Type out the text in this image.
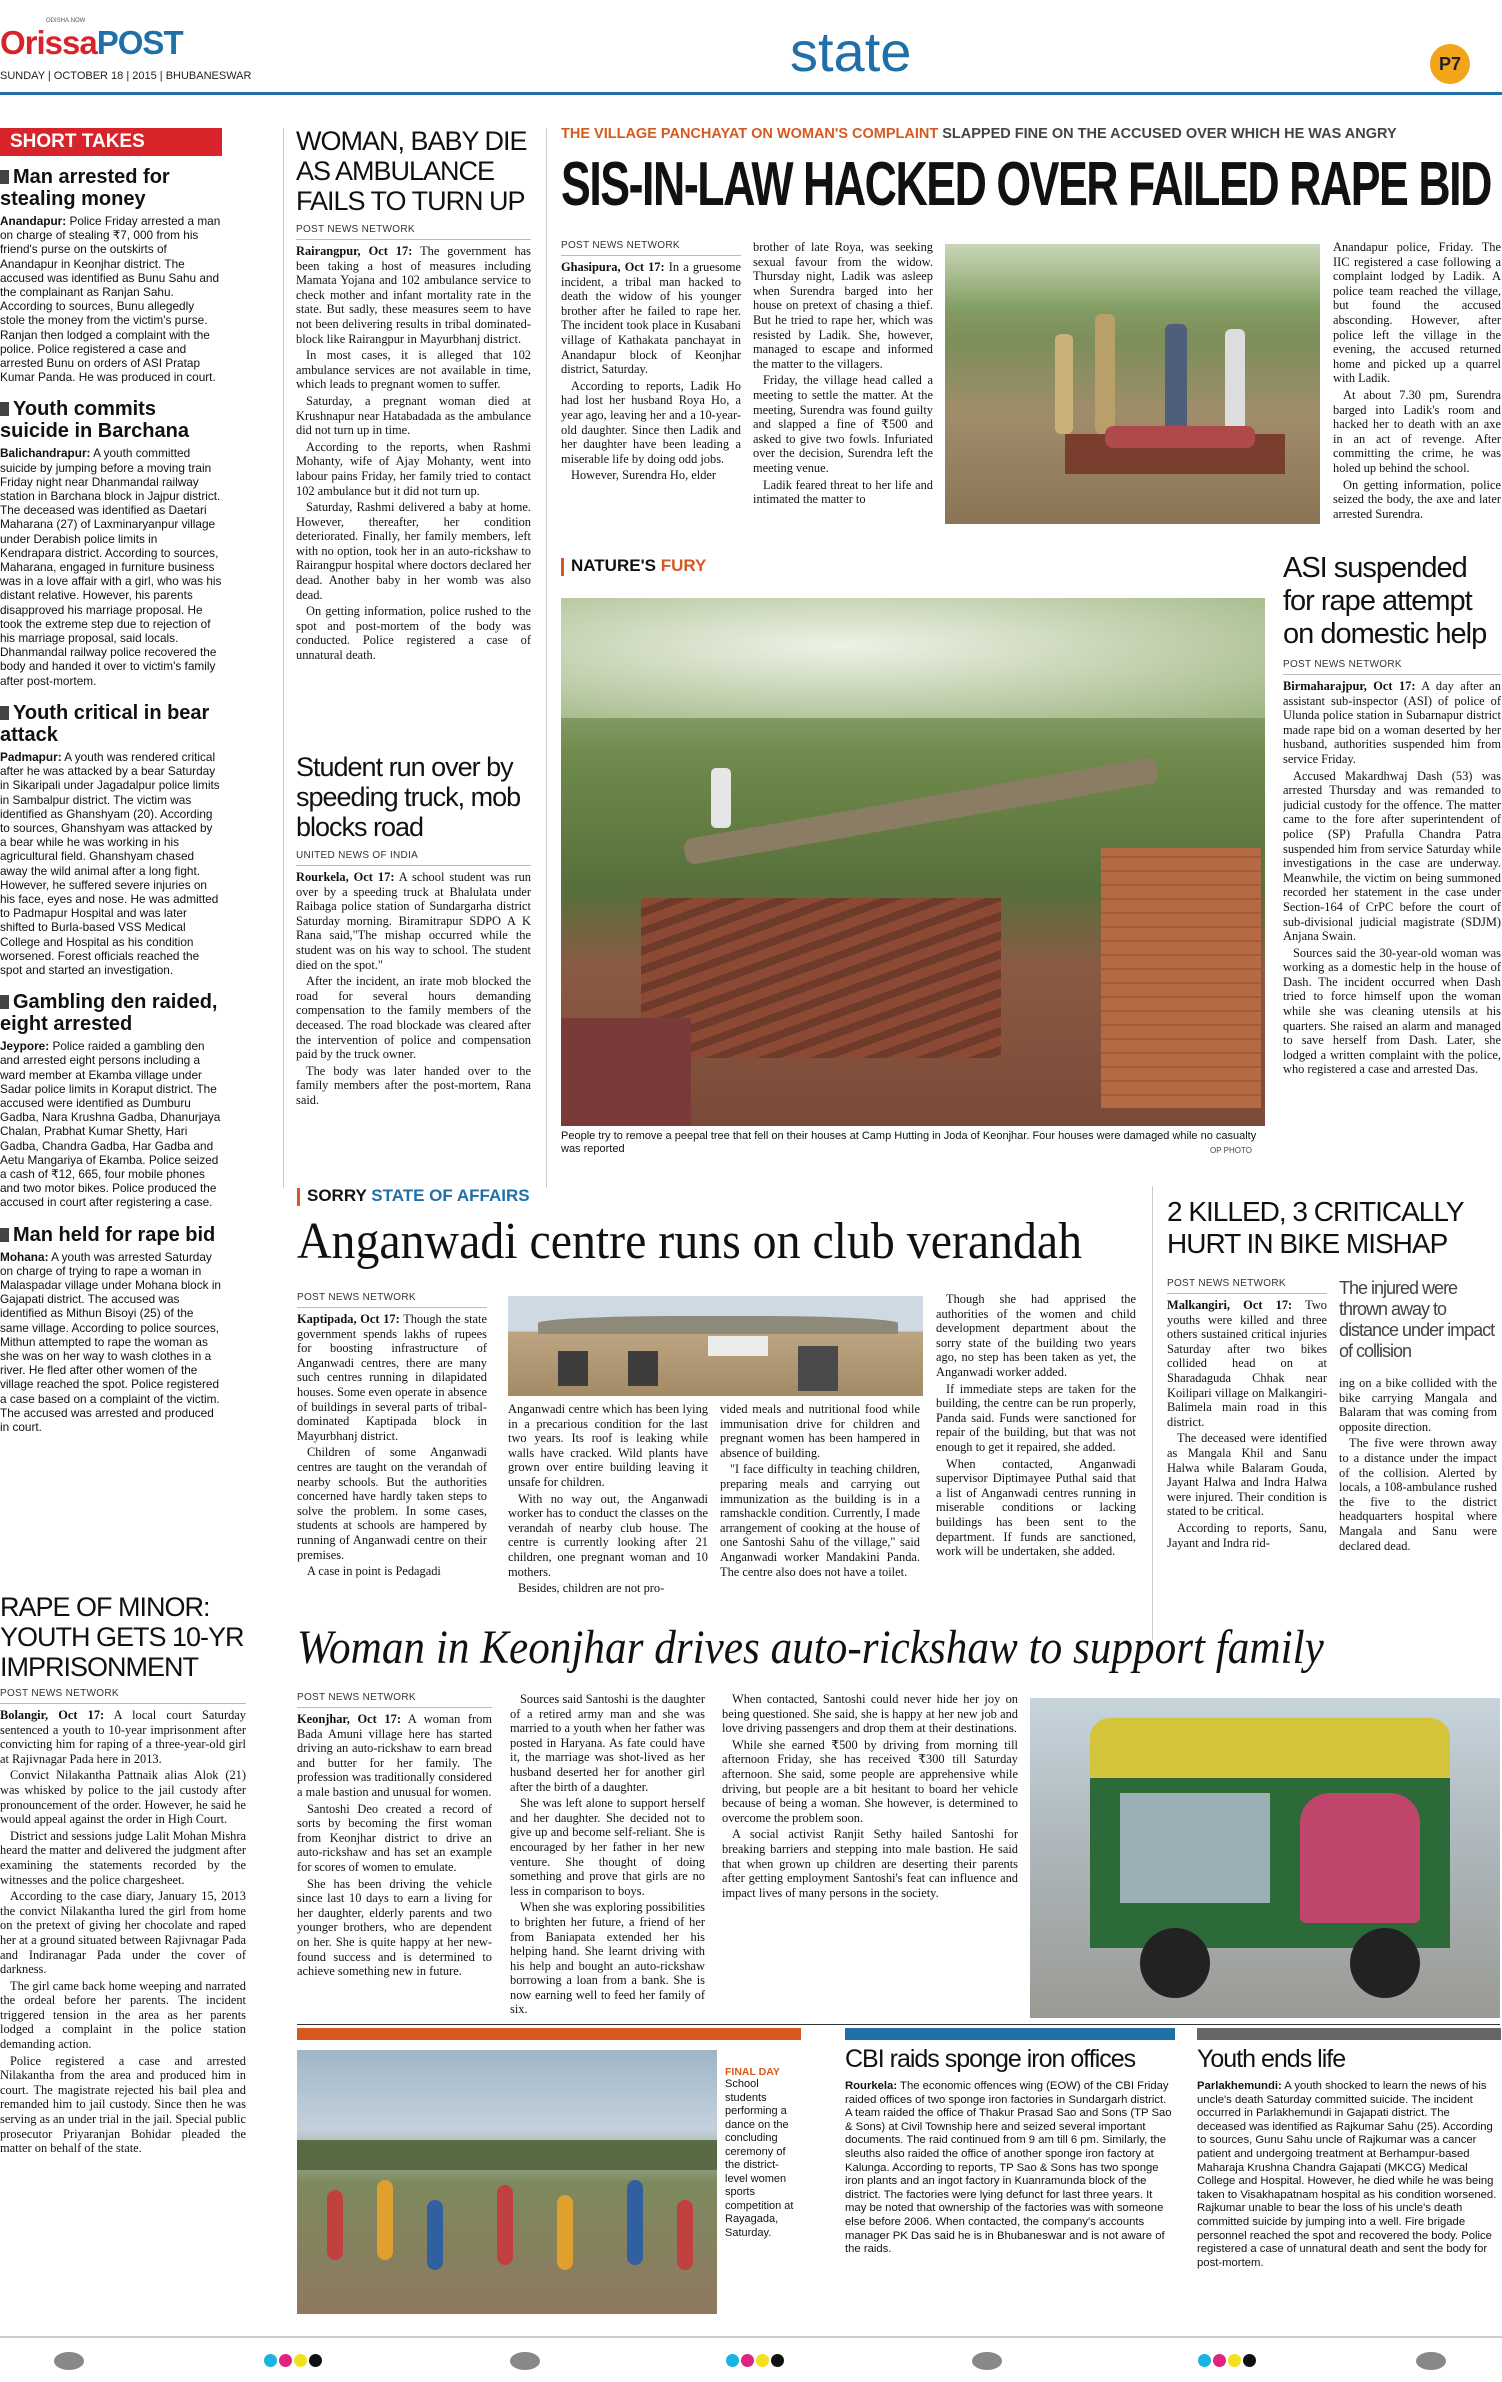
ODISHA.NOW
OrissaPOST
SUNDAY | OCTOBER 18 | 2015 | BHUBANESWAR	state	P7
SHORT TAKES
Man arrested for stealing money
Anandapur: Police Friday arrested a man on charge of stealing ₹7, 000 from his friend's purse on the outskirts of Anandapur in Keonjhar district. The accused was identified as Bunu Sahu and the complainant as Ranjan Sahu. According to sources, Bunu allegedly stole the money from the victim's purse. Ranjan then lodged a complaint with the police. Police registered a case and arrested Bunu on orders of ASI Pratap Kumar Panda. He was produced in court.
Youth commits suicide in Barchana
Balichandrapur: A youth committed suicide by jumping before a moving train Friday night near Dhanmandal railway station in Barchana block in Jajpur district. The deceased was identified as Daetari Maharana (27) of Laxminaryanpur village under Derabish police limits in Kendrapara district. According to sources, Maharana, engaged in furniture business was in a love affair with a girl, who was his distant relative. However, his parents disapproved his marriage proposal. He took the extreme step due to rejection of his marriage proposal, said locals. Dhanmandal railway police recovered the body and handed it over to victim's family after post-mortem.
Youth critical in bear attack
Padmapur: A youth was rendered critical after he was attacked by a bear Saturday in Sikaripali under Jagadalpur police limits in Sambalpur district. The victim was identified as Ghanshyam (20). According to sources, Ghanshyam was attacked by a bear while he was working in his agricultural field. Ghanshyam chased away the wild animal after a long fight. However, he suffered severe injuries on his face, eyes and nose. He was admitted to Padmapur Hospital and was later shifted to Burla-based VSS Medical College and Hospital as his condition worsened. Forest officials reached the spot and started an investigation.
Gambling den raided, eight arrested
Jeypore: Police raided a gambling den and arrested eight persons including a ward member at Ekamba village under Sadar police limits in Koraput district. The accused were identified as Dumburu Gadba, Nara Krushna Gadba, Dhanurjaya Chalan, Prabhat Kumar Shetty, Hari Gadba, Chandra Gadba, Har Gadba and Aetu Mangariya of Ekamba. Police seized a cash of ₹12, 665, four mobile phones and two motor bikes. Police produced the accused in court after registering a case.
Man held for rape bid
Mohana: A youth was arrested Saturday on charge of trying to rape a woman in Malaspadar village under Mohana block in Gajapati district. The accused was identified as Mithun Bisoyi (25) of the same village. According to police sources, Mithun attempted to rape the woman as she was on her way to wash clothes in a river. He fled after other women of the village reached the spot. Police registered a case based on a complaint of the victim. The accused was arrested and produced in court.
RAPE OF MINOR: YOUTH GETS 10-YR IMPRISONMENT
POST NEWS NETWORK

Bolangir, Oct 17: A local court Saturday sentenced a youth to 10-year imprisonment after convicting him for raping of a three-year-old girl at Rajivnagar Pada here in 2013.

Convict Nilakantha Pattnaik alias Alok (21) was whisked by police to the jail custody after pronouncement of the order. However, he said he would appeal against the order in High Court.

District and sessions judge Lalit Mohan Mishra heard the matter and delivered the judgment after examining the statements recorded by the witnesses and the police chargesheet.

According to the case diary, January 15, 2013 the convict Nilakantha lured the girl from home on the pretext of giving her chocolate and raped her at a ground situated between Rajivnagar Pada and Indiranagar Pada under the cover of darkness.

The girl came back home weeping and narrated the ordeal before her parents. The incident triggered tension in the area as her parents lodged a complaint in the police station demanding action.

Police registered a case and arrested Nilakantha from the area and produced him in court. The magistrate rejected his bail plea and remanded him to jail custody. Since then he was serving as an under trial in the jail. Special public prosecutor Priyaranjan Bohidar pleaded the matter on behalf of the state.

WOMAN, BABY DIE AS AMBULANCE FAILS TO TURN UP
POST NEWS NETWORK

Rairangpur, Oct 17: The government has been taking a host of measures including Mamata Yojana and 102 ambulance service to check mother and infant mortality rate in the state. But sadly, these measures seem to have not been delivering results in tribal dominated-block like Rairangpur in Mayurbhanj district.

In most cases, it is alleged that 102 ambulance services are not available in time, which leads to pregnant women to suffer.

Saturday, a pregnant woman died at Krushnapur near Hatabadada as the ambulance did not turn up in time.

According to the reports, when Rashmi Mohanty, wife of Ajay Mohanty, went into labour pains Friday, her family tried to contact 102 ambulance but it did not turn up.

Saturday, Rashmi delivered a baby at home. However, thereafter, her condition deteriorated. Finally, her family members, left with no option, took her in an auto-rickshaw to Rairangpur hospital where doctors declared her dead. Another baby in her womb was also dead.

On getting information, police rushed to the spot and post-mortem of the body was conducted. Police registered a case of unnatural death.

Student run over by speeding truck, mob blocks road
UNITED NEWS OF INDIA

Rourkela, Oct 17: A school student was run over by a speeding truck at Bhalulata under Raibaga police station of Sundargarha district Saturday morning. Biramitrapur SDPO A K Rana said,"The mishap occurred while the student was on his way to school. The student died on the spot."

After the incident, an irate mob blocked the road for several hours demanding compensation to the family members of the deceased. The road blockade was cleared after the intervention of police and compensation paid by the truck owner.

The body was later handed over to the family members after the post-mortem, Rana said.

THE VILLAGE PANCHAYAT ON WOMAN'S COMPLAINT SLAPPED FINE ON THE ACCUSED OVER WHICH HE WAS ANGRY
SIS-IN-LAW HACKED OVER FAILED RAPE BID
POST NEWS NETWORK

Ghasipura, Oct 17: In a gruesome incident, a tribal man hacked to death the widow of his younger brother after he failed to rape her. The incident took place in Kusabani village of Kathakata panchayat in Anandapur block of Keonjhar district, Saturday.

According to reports, Ladik Ho had lost her husband Roya Ho, a year ago, leaving her and a 10-year-old daughter. Since then Ladik and her daughter have been leading a miserable life by doing odd jobs.

However, Surendra Ho, elder

brother of late Roya, was seeking sexual favour from the widow. Thursday night, Ladik was asleep when Surendra barged into her house on pretext of chasing a thief. But he tried to rape her, which was resisted by Ladik. She, however, managed to escape and informed the matter to the villagers.

Friday, the village head called a meeting to settle the matter. At the meeting, Surendra was found guilty and slapped a fine of ₹500 and asked to give two fowls. Infuriated over the decision, Surendra left the meeting venue.

Ladik feared threat to her life and intimated the matter to

Anandapur police, Friday. The IIC registered a case following a complaint lodged by Ladik. A police team reached the village, but found the accused absconding. However, after police left the village in the evening, the accused returned home and picked up a quarrel with Ladik.

At about 7.30 pm, Surendra barged into Ladik's room and hacked her to death with an axe in an act of revenge. After committing the crime, he was holed up behind the school.

On getting information, police seized the body, the axe and later arrested Surendra.

NATURE'S FURY
People try to remove a peepal tree that fell on their houses at Camp Hutting in Joda of Keonjhar. Four houses were damaged while no casualty was reported	OP PHOTO
ASI suspended for rape attempt on domestic help
POST NEWS NETWORK

Birmaharajpur, Oct 17: A day after an assistant sub-inspector (ASI) of police of Ulunda police station in Subarnapur district made rape bid on a woman deserted by her husband, authorities suspended him from service Friday.

Accused Makardhwaj Dash (53) was arrested Thursday and was remanded to judicial custody for the offence. The matter came to the fore after superintendent of police (SP) Prafulla Chandra Patra suspended him from service Saturday while investigations in the case are underway. Meanwhile, the victim on being summoned recorded her statement in the case under Section-164 of CrPC before the court of sub-divisional judicial magistrate (SDJM) Anjana Swain.

Sources said the 30-year-old woman was working as a domestic help in the house of Dash. The incident occurred when Dash tried to force himself upon the woman while she was cleaning utensils at his quarters. She raised an alarm and managed to save herself from Dash. Later, she lodged a written complaint with the police, who registered a case and arrested Das.

SORRY STATE OF AFFAIRS
Anganwadi centre runs on club verandah
POST NEWS NETWORK

Kaptipada, Oct 17: Though the state government spends lakhs of rupees for boosting infrastructure of Anganwadi centres, there are many such centres running in dilapidated houses. Some even operate in absence of buildings in several parts of tribal-dominated Kaptipada block in Mayurbhanj district.

Children of some Anganwadi centres are taught on the verandah of nearby schools. But the authorities concerned have hardly taken steps to solve the problem. In some cases, students at schools are hampered by running of Anganwadi centre on their premises.

A case in point is Pedagadi

Anganwadi centre which has been lying in a precarious condition for the last two years. Its roof is leaking while walls have cracked. Wild plants have grown over entire building leaving it unsafe for children.

With no way out, the Anganwadi worker has to conduct the classes on the verandah of nearby club house. The centre is currently looking after 21 children, one pregnant woman and 10 mothers.

Besides, children are not pro-

vided meals and nutritional food while immunisation drive for children and pregnant women has been hampered in absence of building.

"I face difficulty in teaching children, preparing meals and carrying out immunization as the building is in a ramshackle condition. Currently, I made arrangement of cooking at the house of one Santoshi Sahu of the village," said Anganwadi worker Mandakini Panda. The centre also does not have a toilet.

Though she had apprised the authorities of the women and child development department about the sorry state of the building two years ago, no step has been taken as yet, the Anganwadi worker added.

If immediate steps are taken for the building, the centre can be run properly, Panda said. Funds were sanctioned for repair of the building, but that was not enough to get it repaired, she added.

When contacted, Anganwadi supervisor Diptimayee Puthal said that a list of Anganwadi centres running in miserable conditions or lacking buildings has been sent to the department. If funds are sanctioned, work will be undertaken, she added.

2 KILLED, 3 CRITICALLY HURT IN BIKE MISHAP
POST NEWS NETWORK

Malkangiri, Oct 17: Two youths were killed and three others sustained critical injuries Saturday after two bikes collided head on at Sharadaguda Chhak near Koilipari village on Malkangiri-Balimela main road in this district.

The deceased were identified as Mangala Khil and Sanu Halwa while Balaram Gouda, Jayant Halwa and Indra Halwa were injured. Their condition is stated to be critical.

According to reports, Sanu, Jayant and Indra rid-

The injured were thrown away to distance under impact of collision

ing on a bike collided with the bike carrying Mangala and Balaram that was coming from opposite direction.

The five were thrown away to a distance under the impact of the collision. Alerted by locals, a 108-ambulance rushed the five to the district headquarters hospital where Mangala and Sanu were declared dead.

Woman in Keonjhar drives auto-rickshaw to support family
POST NEWS NETWORK

Keonjhar, Oct 17: A woman from Bada Amuni village here has started driving an auto-rickshaw to earn bread and butter for her family. The profession was traditionally considered a male bastion and unusual for women.

Santoshi Deo created a record of sorts by becoming the first woman from Keonjhar district to drive an auto-rickshaw and has set an example for scores of women to emulate.

She has been driving the vehicle since last 10 days to earn a living for her daughter, elderly parents and two younger brothers, who are dependent on her. She is quite happy at her new-found success and is determined to achieve something new in future.

Sources said Santoshi is the daughter of a retired army man and she was married to a youth when her father was posted in Haryana. As fate could have it, the marriage was shot-lived as her husband deserted her for another girl after the birth of a daughter.

She was left alone to support herself and her daughter. She decided not to give up and become self-reliant. She is encouraged by her father in her new venture. She thought of doing something and prove that girls are no less in comparison to boys.

When she was exploring possibilities to brighten her future, a friend of her from Baniapata extended her his helping hand. She learnt driving with his help and bought an auto-rickshaw borrowing a loan from a bank. She is now earning well to feed her family of six.

When contacted, Santoshi could never hide her joy on being questioned. She said, she is happy at her new job and love driving passengers and drop them at their destinations.

While she earned ₹500 by driving from morning till afternoon Friday, she has received ₹300 till Saturday afternoon. She said, some people are apprehensive while driving, but people are a bit hesitant to board her vehicle because of being a woman. She however, is determined to overcome the problem soon.

A social activist Ranjit Sethy hailed Santoshi for breaking barriers and stepping into male bastion. He said that when grown up children are deserting their parents after getting employment Santoshi's feat can influence and impact lives of many persons in the society.

FINAL DAY
School students performing a dance on the concluding ceremony of the district-level women sports competition at Rayagada, Saturday.
CBI raids sponge iron offices
Rourkela: The economic offences wing (EOW) of the CBI Friday raided offices of two sponge iron factories in Sundargarh district. A team raided the office of Thakur Prasad Sao and Sons (TP Sao & Sons) at Civil Township here and seized several important documents. The raid continued from 9 am till 6 pm. Similarly, the sleuths also raided the office of another sponge iron factory at Kalunga. According to reports, TP Sao & Sons has two sponge iron plants and an ingot factory in Kuanramunda block of the district. The factories were lying defunct for last three years. It may be noted that ownership of the factories was with someone else before 2006. When contacted, the company's accounts manager PK Das said he is in Bhubaneswar and is not aware of the raids.
Youth ends life
Parlakhemundi: A youth shocked to learn the news of his uncle's death Saturday committed suicide. The incident occurred in Parlakhemundi in Gajapati district. The deceased was identified as Rajkumar Sahu (25). According to sources, Gunu Sahu uncle of Rajkumar was a cancer patient and undergoing treatment at Berhampur-based Maharaja Krushna Chandra Gajapati (MKCG) Medical College and Hospital. However, he died while he was being taken to Visakhapatnam hospital as his condition worsened. Rajkumar unable to bear the loss of his uncle's death committed suicide by jumping into a well. Fire brigade personnel reached the spot and recovered the body. Police registered a case of unnatural death and sent the body for post-mortem.
